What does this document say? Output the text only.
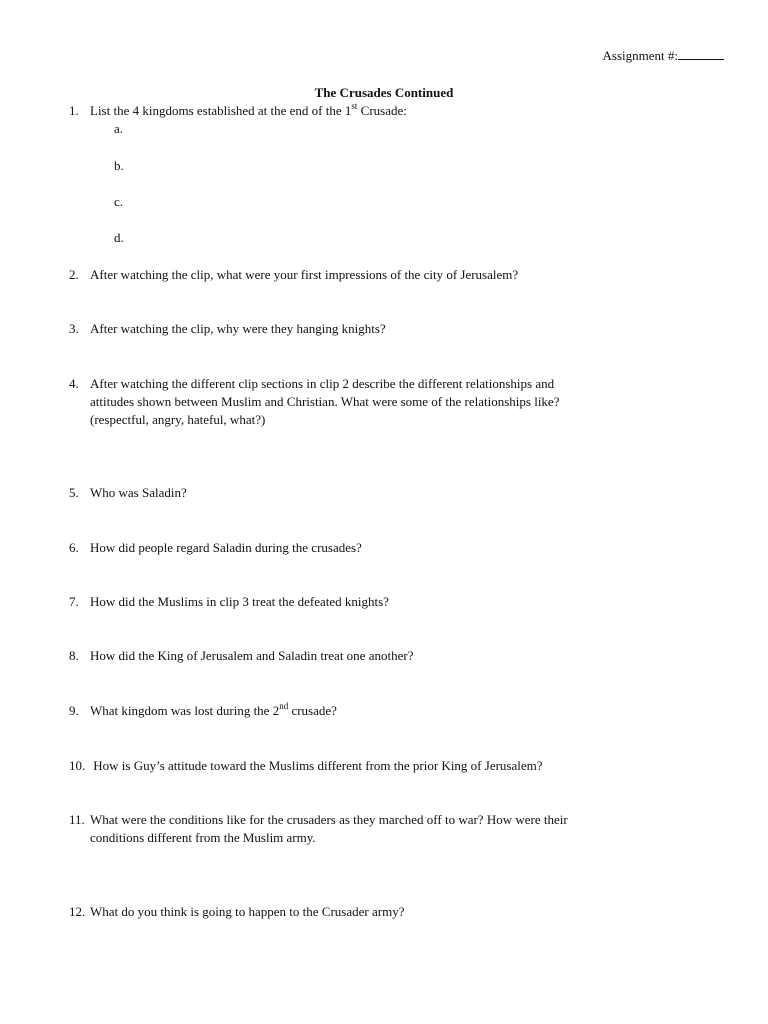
Assignment #:
The Crusades Continued
1. List the 4 kingdoms established at the end of the 1st Crusade:
a.
b.
c.
d.
2. After watching the clip, what were your first impressions of the city of Jerusalem?
3. After watching the clip, why were they hanging knights?
4. After watching the different clip sections in clip 2 describe the different relationships and
attitudes shown between Muslim and Christian. What were some of the relationships like?
(respectful, angry, hateful, what?)
5. Who was Saladin?
6. How did people regard Saladin during the crusades?
7. How did the Muslims in clip 3 treat the defeated knights?
8. How did the King of Jerusalem and Saladin treat one another?
9. What kingdom was lost during the 2nd crusade?
10. How is Guy’s attitude toward the Muslims different from the prior King of Jerusalem?
11. What were the conditions like for the crusaders as they marched off to war? How were their
conditions different from the Muslim army.
12. What do you think is going to happen to the Crusader army?
